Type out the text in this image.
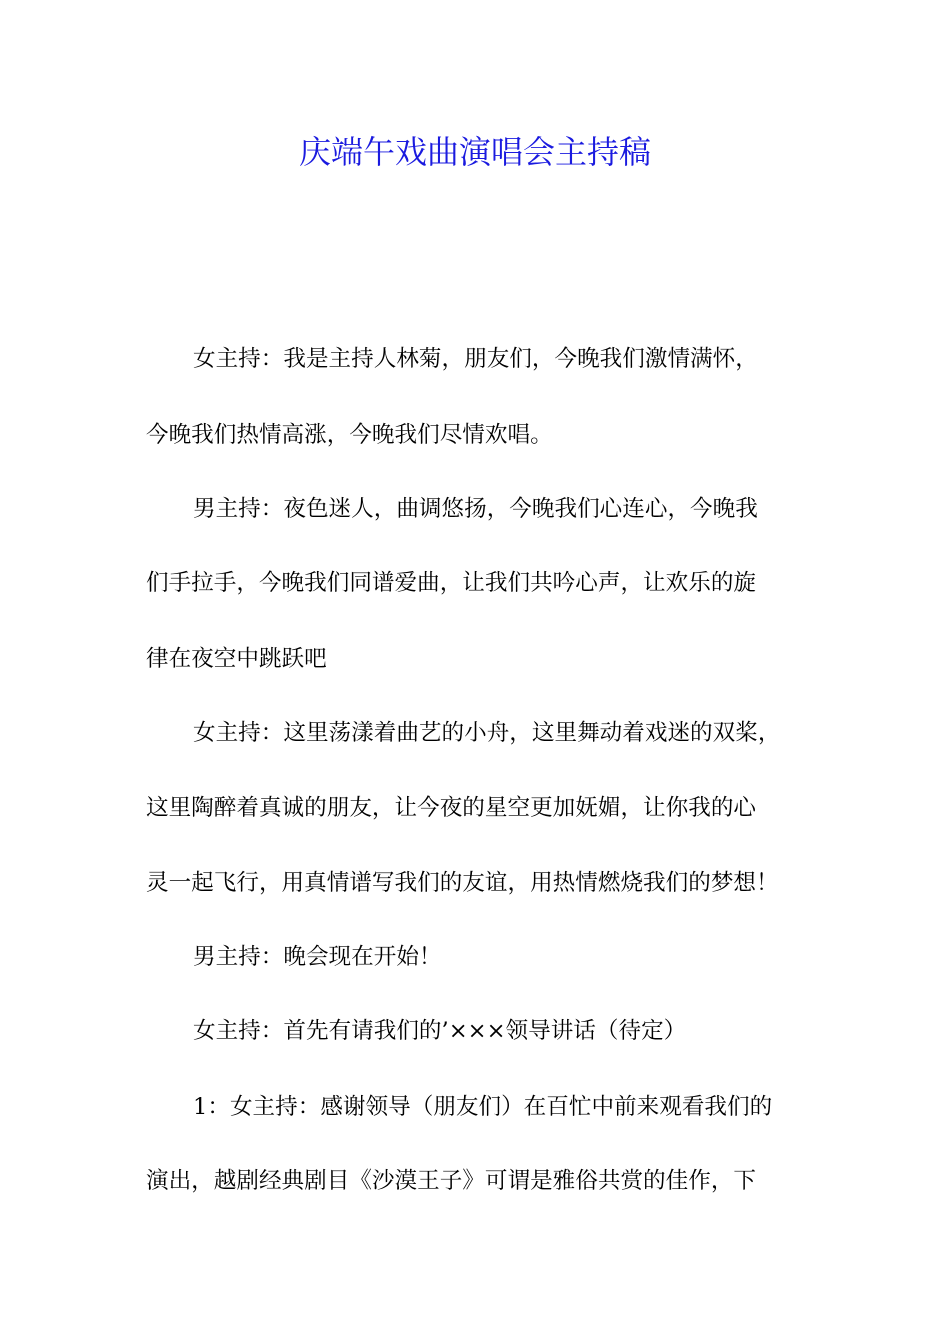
庆端午戏曲演唱会主持稿
女主持：我是主持人林菊，朋友们，今晚我们激情满怀，
今晚我们热情高涨，今晚我们尽情欢唱。
男主持：夜色迷人，曲调悠扬，今晚我们心连心，今晚我
们手拉手，今晚我们同谱爱曲，让我们共吟心声，让欢乐的旋
律在夜空中跳跃吧
女主持：这里荡漾着曲艺的小舟，这里舞动着戏迷的双桨，
这里陶醉着真诚的朋友，让今夜的星空更加妩媚，让你我的心
灵一起飞行，用真情谱写我们的友谊，用热情燃烧我们的梦想！
男主持：晚会现在开始！
女主持：首先有请我们的’×××领导讲话（待定）
1：女主持：感谢领导（朋友们）在百忙中前来观看我们的
演出，越剧经典剧目《沙漠王子》可谓是雅俗共赏的佳作，下
